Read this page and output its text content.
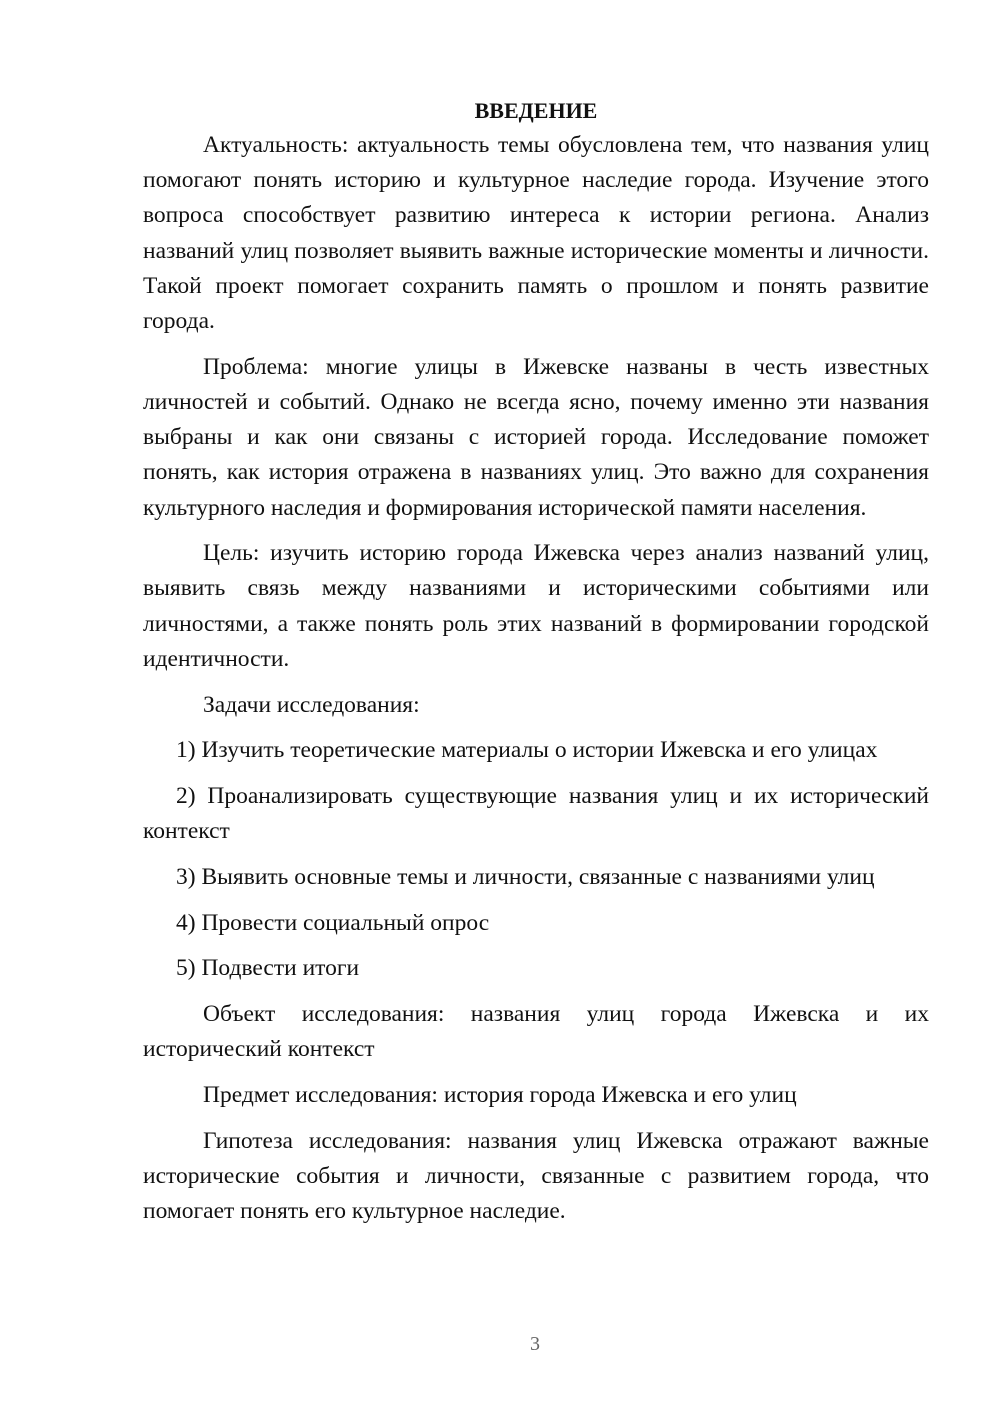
ВВЕДЕНИЕ

Актуальность: актуальность темы обусловлена тем, что названия улиц помогают понять историю и культурное наследие города. Изучение этого вопроса способствует развитию интереса к истории региона. Анализ названий улиц позволяет выявить важные исторические моменты и личности. Такой проект помогает сохранить память о прошлом и понять развитие города.

Проблема: многие улицы в Ижевске названы в честь известных личностей и событий. Однако не всегда ясно, почему именно эти названия выбраны и как они связаны с историей города. Исследование поможет понять, как история отражена в названиях улиц. Это важно для сохранения культурного наследия и формирования исторической памяти населения.

Цель: изучить историю города Ижевска через анализ названий улиц, выявить связь между названиями и историческими событиями или личностями, а также понять роль этих названий в формировании городской идентичности.

Задачи исследования:

1) Изучить теоретические материалы о истории Ижевска и его улицах

2) Проанализировать существующие названия улиц и их исторический контекст

3) Выявить основные темы и личности, связанные с названиями улиц

4) Провести социальный опрос

5) Подвести итоги

Объект исследования: названия улиц города Ижевска и их исторический контекст

Предмет исследования: история города Ижевска и его улиц

Гипотеза исследования: названия улиц Ижевска отражают важные исторические события и личности, связанные с развитием города, что помогает понять его культурное наследие.

3
